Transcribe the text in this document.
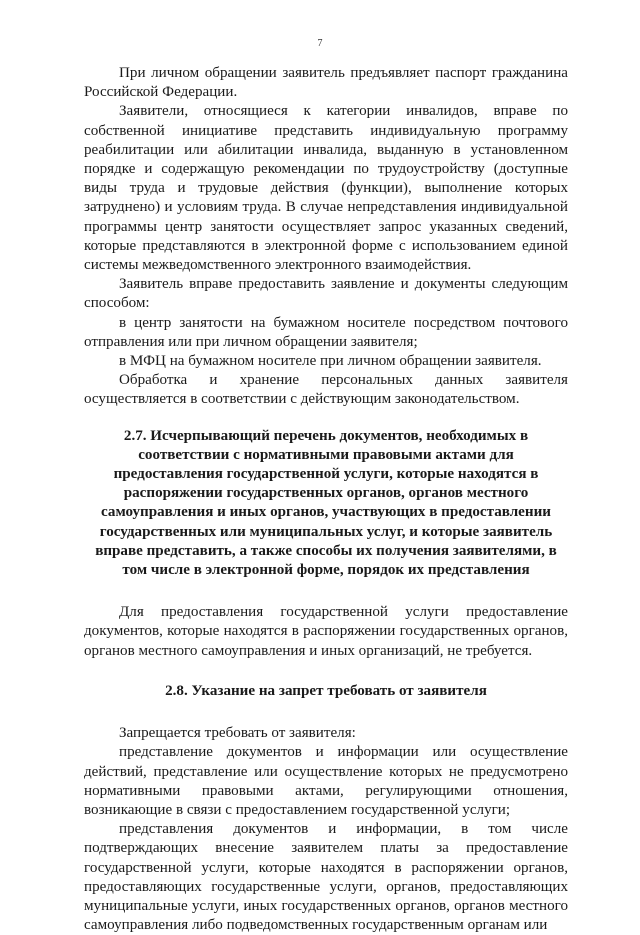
7

При личном обращении заявитель предъявляет паспорт гражданина Российской Федерации.

Заявители, относящиеся к категории инвалидов, вправе по собственной инициативе представить индивидуальную программу реабилитации или абилитации инвалида, выданную в установленном порядке и содержащую рекомендации по трудоустройству (доступные виды труда и трудовые действия (функции), выполнение которых затруднено) и условиям труда. В случае непредставления индивидуальной программы центр занятости осуществляет запрос указанных сведений, которые представляются в электронной форме с использованием единой системы межведомственного электронного взаимодействия.

Заявитель вправе предоставить заявление и документы следующим способом:

в центр занятости на бумажном носителе посредством почтового отправления или при личном обращении заявителя;

в МФЦ на бумажном носителе при личном обращении заявителя.

Обработка и хранение персональных данных заявителя осуществляется в соответствии с действующим законодательством.

2.7. Исчерпывающий перечень документов, необходимых в соответствии с нормативными правовыми актами для предоставления государственной услуги, которые находятся в распоряжении государственных органов, органов местного самоуправления и иных органов, участвующих в предоставлении государственных или муниципальных услуг, и которые заявитель вправе представить, а также способы их получения заявителями, в том числе в электронной форме, порядок их представления

Для предоставления государственной услуги предоставление документов, которые находятся в распоряжении государственных органов, органов местного самоуправления и иных организаций, не требуется.

2.8. Указание на запрет требовать от заявителя

Запрещается требовать от заявителя:

представление документов и информации или осуществление действий, представление или осуществление которых не предусмотрено нормативными правовыми актами, регулирующими отношения, возникающие в связи с предоставлением государственной услуги;

представления документов и информации, в том числе подтверждающих внесение заявителем платы за предоставление государственной услуги, которые находятся в распоряжении органов, предоставляющих государственные услуги, органов, предоставляющих муниципальные услуги, иных государственных органов, органов местного самоуправления либо подведомственных государственным органам или
